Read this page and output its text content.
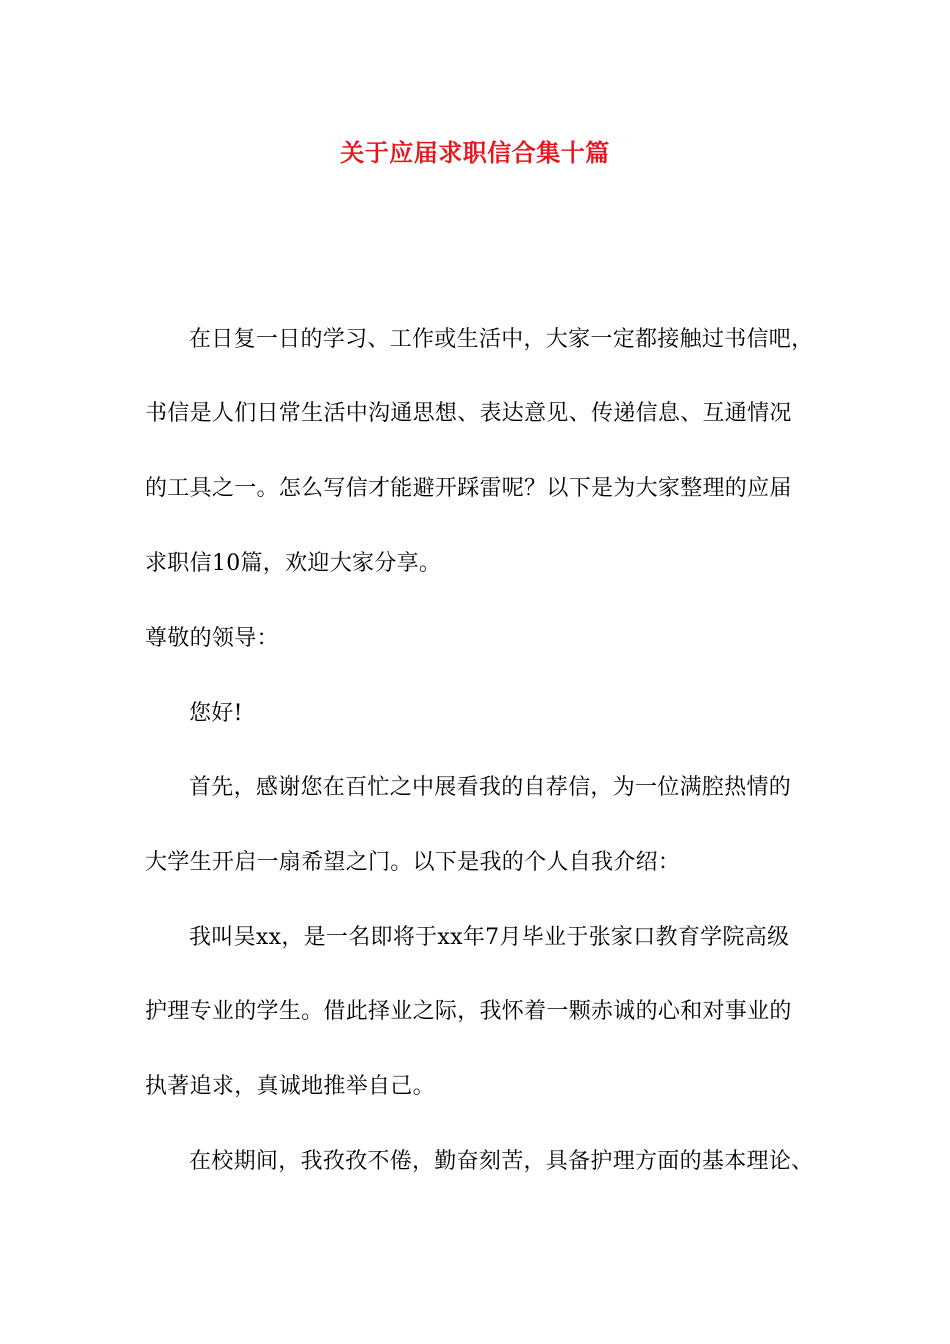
关于应届求职信合集十篇
在日复一日的学习、工作或生活中，大家一定都接触过书信吧，
书信是人们日常生活中沟通思想、表达意见、传递信息、互通情况
的工具之一。怎么写信才能避开踩雷呢？以下是为大家整理的应届
求职信10篇，欢迎大家分享。
尊敬的领导：
您好!
首先，感谢您在百忙之中展看我的自荐信，为一位满腔热情的
大学生开启一扇希望之门。以下是我的个人自我介绍：
我叫吴xx，是一名即将于xx年7月毕业于张家口教育学院高级
护理专业的学生。借此择业之际，我怀着一颗赤诚的心和对事业的
执著追求，真诚地推举自己。
在校期间，我孜孜不倦，勤奋刻苦，具备护理方面的基本理论、
